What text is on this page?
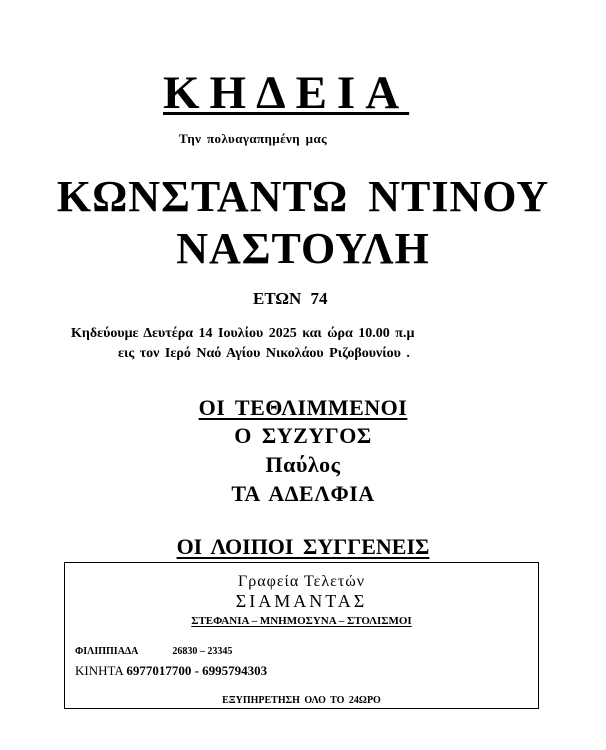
ΚΗΔΕΙΑ
Την πολυαγαπημένη μας
ΚΩΝΣΤΑΝΤΩ ΝΤΙΝΟΥ
ΝΑΣΤΟΥΛΗ
ΕΤΩΝ 74
Κηδεύουμε Δευτέρα 14 Ιουλίου 2025 και ώρα 10.00 π.μ
εις τον Ιερό Ναό Αγίου Νικολάου Ριζοβουνίου .
ΟΙ ΤΕΘΛΙΜΜΕΝΟΙ
Ο ΣΥΖΥΓΟΣ
Παύλος
ΤΑ ΑΔΕΛΦΙΑ
ΟΙ ΛΟΙΠΟΙ ΣΥΓΓΕΝΕΙΣ
Γραφεία Τελετών
ΣΙΑΜΑΝΤΑΣ
ΣΤΕΦΑΝΙΑ – ΜΝΗΜΟΣΥΝΑ – ΣΤΟΛΙΣΜΟΙ
ΦΙΛΙΠΠΙΑΔΑ	26830 – 23345
ΚΙΝΗΤΑ 6977017700 - 6995794303
ΕΞΥΠΗΡΕΤΗΣΗ ΟΛΟ ΤΟ 24ΩΡΟ
